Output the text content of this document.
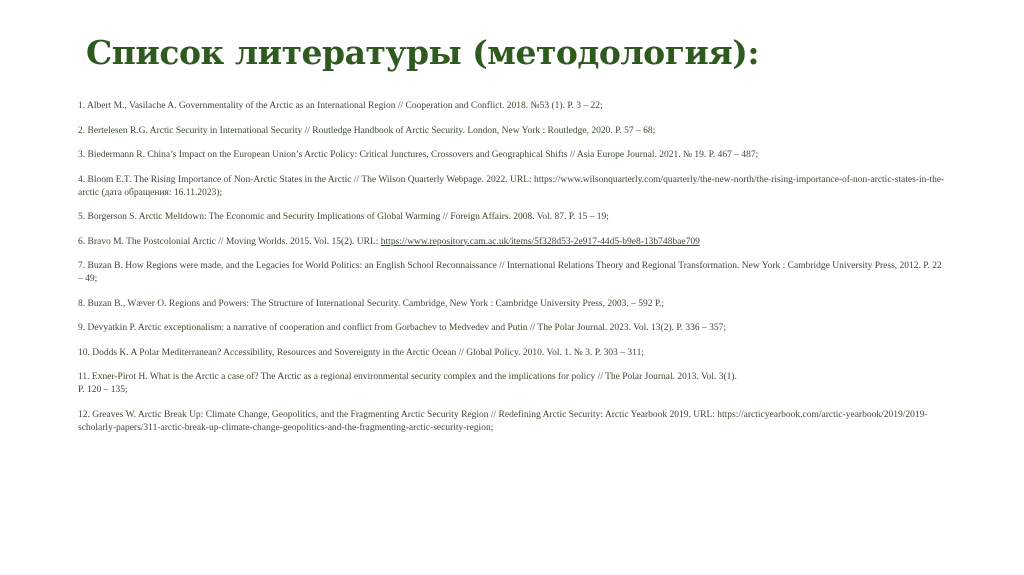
Список литературы (методология):

1. Albert M., Vasilache A. Governmentality of the Arctic as an International Region // Cooperation and Conflict. 2018. №53 (1). P. 3 – 22;

2. Bertelesen R.G. Arctic Security in International Security // Routledge Handbook of Arctic Security. London, New York : Routledge, 2020. P. 57 – 68;

3. Biedermann R. China’s Impact on the European Union’s Arctic Policy: Critical Junctures, Crossovers and Geographical Shifts // Asia Europe Journal. 2021. № 19. P. 467 – 487;

4. Bloom E.T. The Rising Importance of Non-Arctic States in the Arctic // The Wilson Quarterly Webpage. 2022. URL: https://www.wilsonquarterly.com/quarterly/the-new-north/the-rising-importance-of-non-arctic-states-in-the-arctic (дата обращения: 16.11.2023);

5. Borgerson S. Arctic Meltdown: The Economic and Security Implications of Global Warming // Foreign Affairs. 2008. Vol. 87. P. 15 – 19;

6. Bravo M. The Postcolonial Arctic // Moving Worlds. 2015. Vol. 15(2). URL: https://www.repository.cam.ac.uk/items/5f328d53-2e917-44d5-b9e8-13b748bae709

7. Buzan B. How Regions were made, and the Legacies for World Politics: an English School Reconnaissance // International Relations Theory and Regional Transformation. New York : Cambridge University Press, 2012. P. 22 – 49;

8. Buzan B., Wæver O. Regions and Powers: The Structure of International Security. Cambridge, New York : Cambridge University Press, 2003. – 592 P.;

9. Devyatkin P. Arctic exceptionalism: a narrative of cooperation and conflict from Gorbachev to Medvedev and Putin // The Polar Journal. 2023. Vol. 13(2). P. 336 – 357;

10. Dodds K. A Polar Mediterranean? Accessibility, Resources and Sovereignty in the Arctic Ocean // Global Policy. 2010. Vol. 1. № 3. P. 303 – 311;

11. Exner-Pirot H. What is the Arctic a case of? The Arctic as a regional environmental security complex and the implications for policy // The Polar Journal. 2013. Vol. 3(1).
P. 120 – 135;

12. Greaves W. Arctic Break Up: Climate Change, Geopolitics, and the Fragmenting Arctic Security Region // Redefining Arctic Security: Arctic Yearbook 2019. URL: https://arcticyearbook.com/arctic-yearbook/2019/2019-scholarly-papers/311-arctic-break-up-climate-change-geopolitics-and-the-fragmenting-arctic-security-region;
